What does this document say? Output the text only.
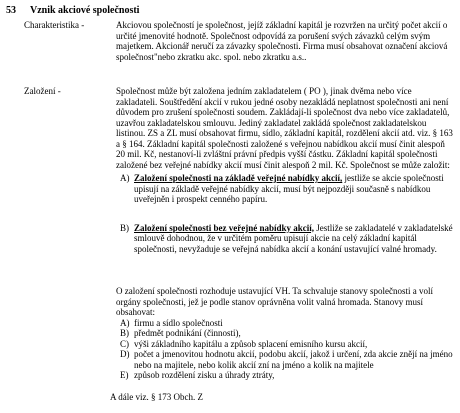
53 Vznik akciové společnosti
Charakteristika -	Akciovou společností je společnost, jejíž základní kapitál je rozvržen na určitý počet akcií o určité jmenovité hodnotě. Společnost odpovídá za porušení svých závazků celým svým majetkem. Akcionář neručí za závazky společnosti. Firma musí obsahovat označení akciová společnost"nebo zkratku akc. spol. nebo zkratku a.s..

Založení -	Společnost může být založena jedním zakladatelem ( PO ), jinak dvěma nebo více zakladateli. Souštředění akcií v rukou jedné osoby nezakládá neplatnost společnosti ani není důvodem pro zrušení společnosti soudem. Zakládají-li společnost dva nebo více zakladatelů, uzavřou zakladatelskou smlouvu. Jediný zakladatel zakládá společnost zakladatelskou listinou. ZS a ZL musí obsahovat firmu, sídlo, základní kapitál, rozdělení akcií atd. viz. § 163 a § 164. Základní kapitál společnosti založené s veřejnou nabídkou akcií musí činit alespoň 20 mil. Kč, nestanoví-li zvláštní právní předpis vyšší částku. Základní kapitál společnosti založené bez veřejné nabídky akcií musí činit alespoň 2 mil. Kč. Společnost se může založit:

A) Založení společnosti na základě veřejné nabídky akcií, jestliže se akcie společnosti upisují na základě veřejné nabídky akcií, musí být nejpozději současně s nabídkou uveřejněn i prospekt cenného papíru.
B) Založení společnosti bez veřejné nabídky akcií, Jestliže se zakladatelé v zakladatelské smlouvě dohodnou, že v určitém poměru upisují akcie na celý základní kapitál společnosti, nevyžaduje se veřejná nabídka akcií a konání ustavující valné hromady.

O založení společnosti rozhoduje ustavující VH. Ta schvaluje stanovy společnosti a volí orgány společnosti, jež je podle stanov oprávněna volit valná hromada. Stanovy musí obsahovat:

A) firmu a sídlo společnosti
B) předmět podnikání (činnosti),
C) výši základního kapitálu a způsob splacení emisního kursu akcií,
D) počet a jmenovitou hodnotu akcií, podobu akcií, jakož i určení, zda akcie znějí na jméno nebo na majitele, nebo kolik akcií zní na jméno a kolik na majitele
E) způsob rozdělení zisku a úhrady ztráty,
A dále viz. § 173 Obch. Z
